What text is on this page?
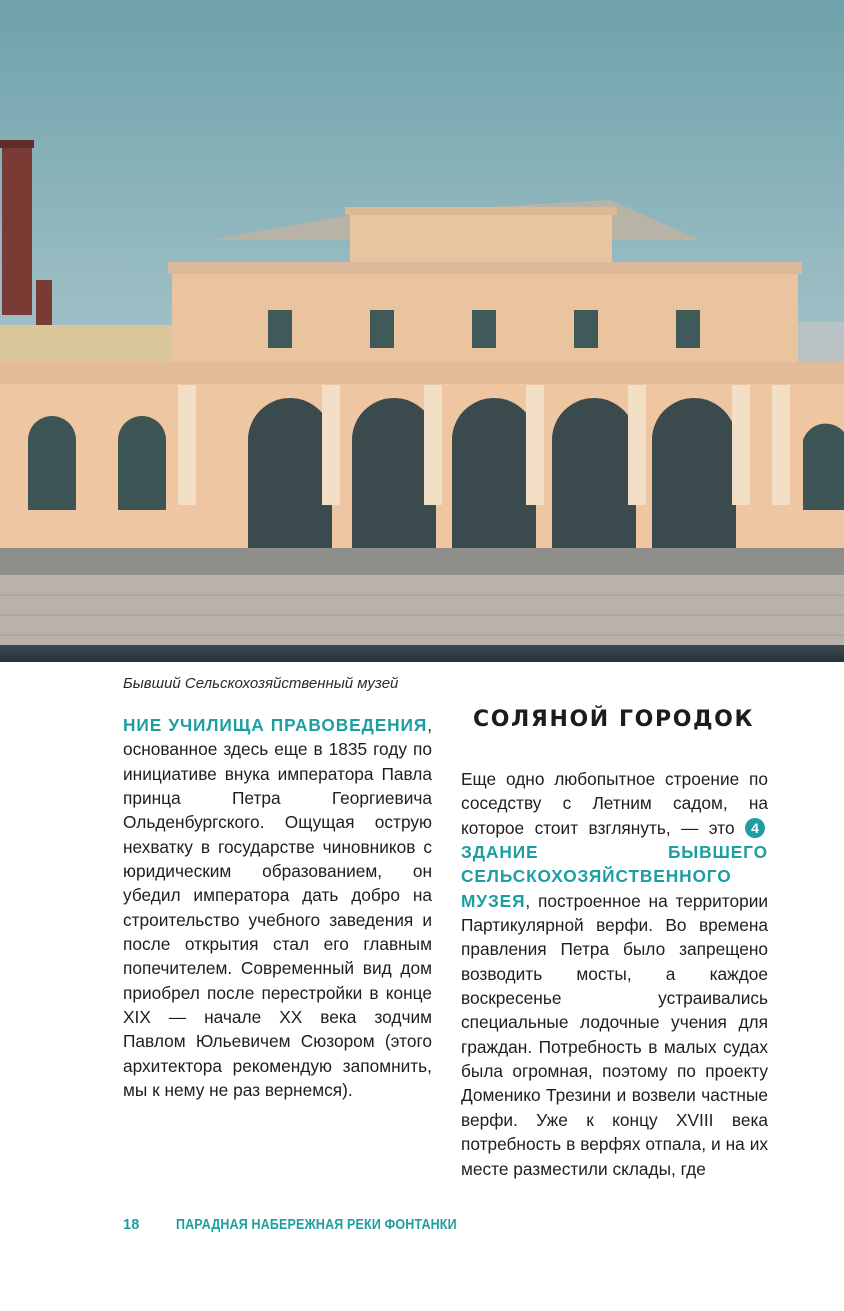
Бывший Сельскохозяйственный музей
НИЕ УЧИЛИЩА ПРАВОВЕДЕНИЯ, основанное здесь еще в 1835 году по инициативе внука императора Павла принца Петра Георгиевича Ольденбургского. Ощущая острую нехватку в государстве чиновников с юридическим образованием, он убедил императора дать добро на строительство учебного заведения и после открытия стал его главным попечителем. Современный вид дом приобрел после перестройки в конце XIX — начале XX века зодчим Павлом Юльевичем Сюзором (этого архитектора рекомендую запомнить, мы к нему не раз вернемся).
СОЛЯНОЙ ГОРОДОК
Еще одно любопытное строение по соседству с Летним садом, на которое стоит взглянуть, — это 4ЗДАНИЕ БЫВШЕГО СЕЛЬСКОХОЗЯЙСТВЕННОГО МУЗЕЯ, построенное на территории Партикулярной верфи. Во времена правления Петра было запрещено возводить мосты, а каждое воскресенье устраивались специальные лодочные учения для граждан. Потребность в малых судах была огромная, поэтому по проекту Доменико Трезини и возвели частные верфи. Уже к концу XVIII века потребность в верфях отпала, и на их месте разместили склады, где
18	ПАРАДНАЯ НАБЕРЕЖНАЯ РЕКИ ФОНТАНКИ
